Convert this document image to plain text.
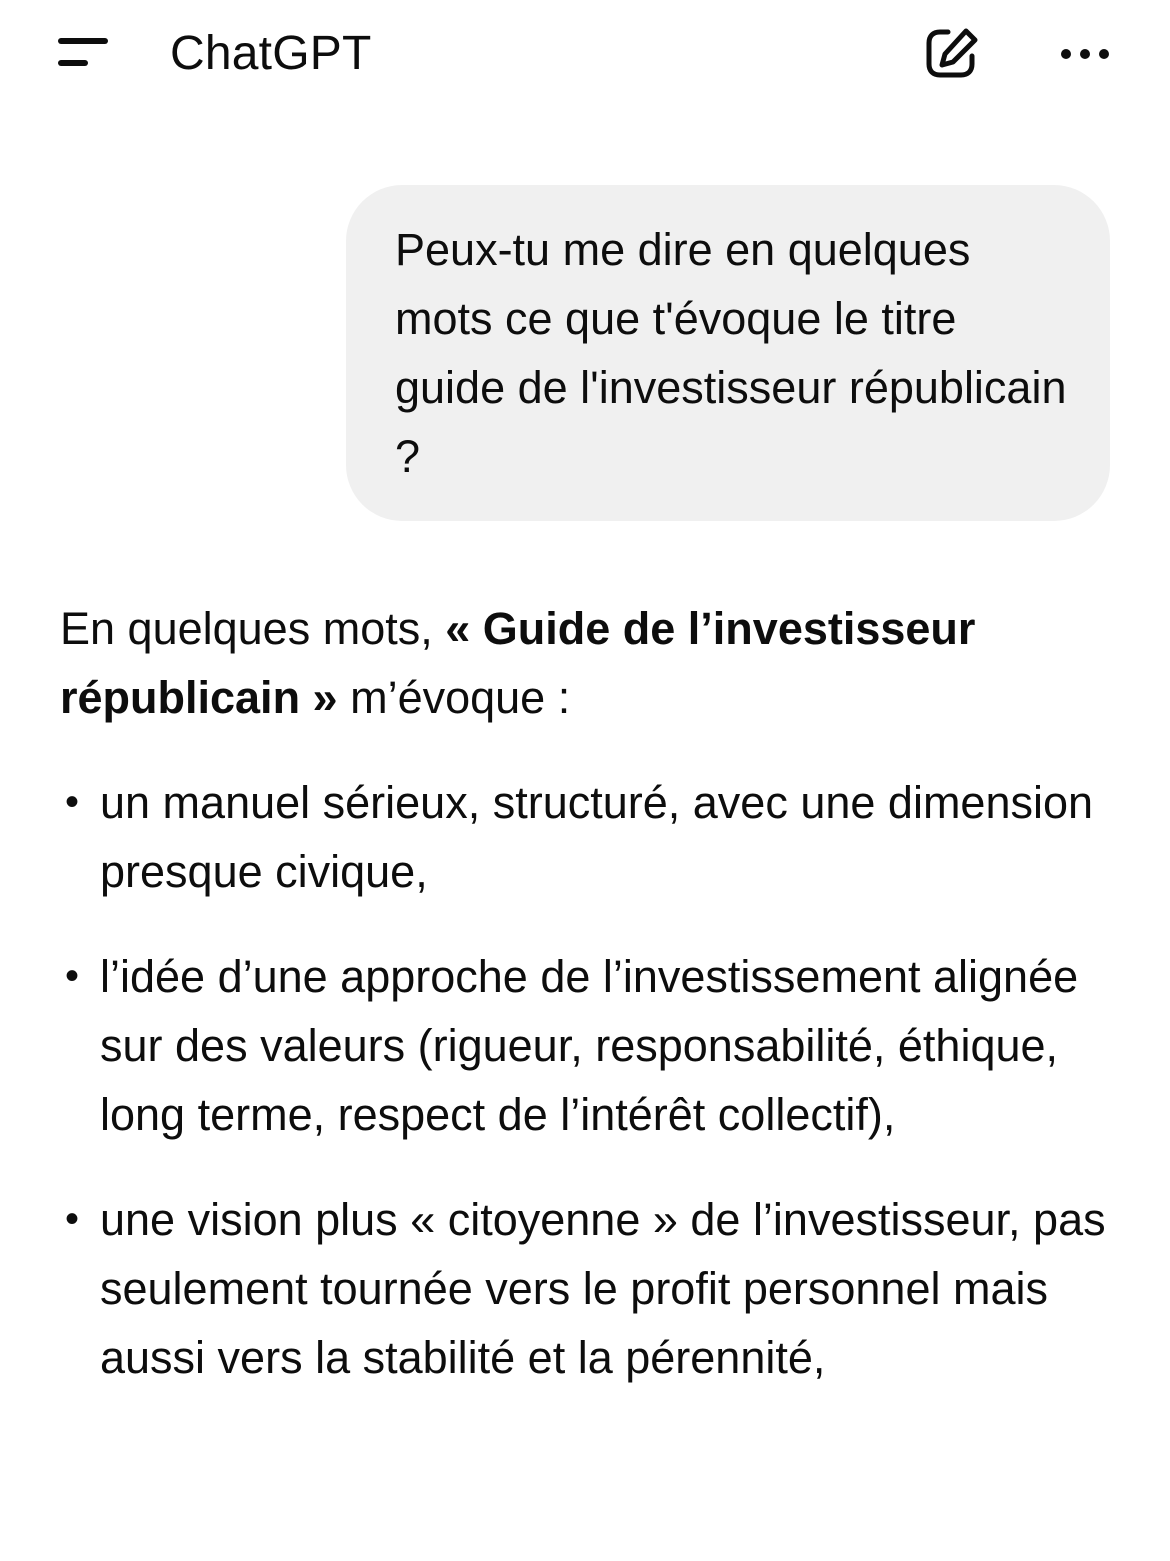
ChatGPT

Peux-tu me dire en quelques mots ce que t'évoque le titre guide de l'investisseur républicain ?

En quelques mots, « Guide de l’investisseur républicain » m’évoque :

• un manuel sérieux, structuré, avec une dimension presque civique,
• l’idée d’une approche de l’investissement alignée sur des valeurs (rigueur, responsabilité, éthique, long terme, respect de l’intérêt collectif),
• une vision plus « citoyenne » de l’investisseur, pas seulement tournée vers le profit personnel mais aussi vers la stabilité et la pérennité,
